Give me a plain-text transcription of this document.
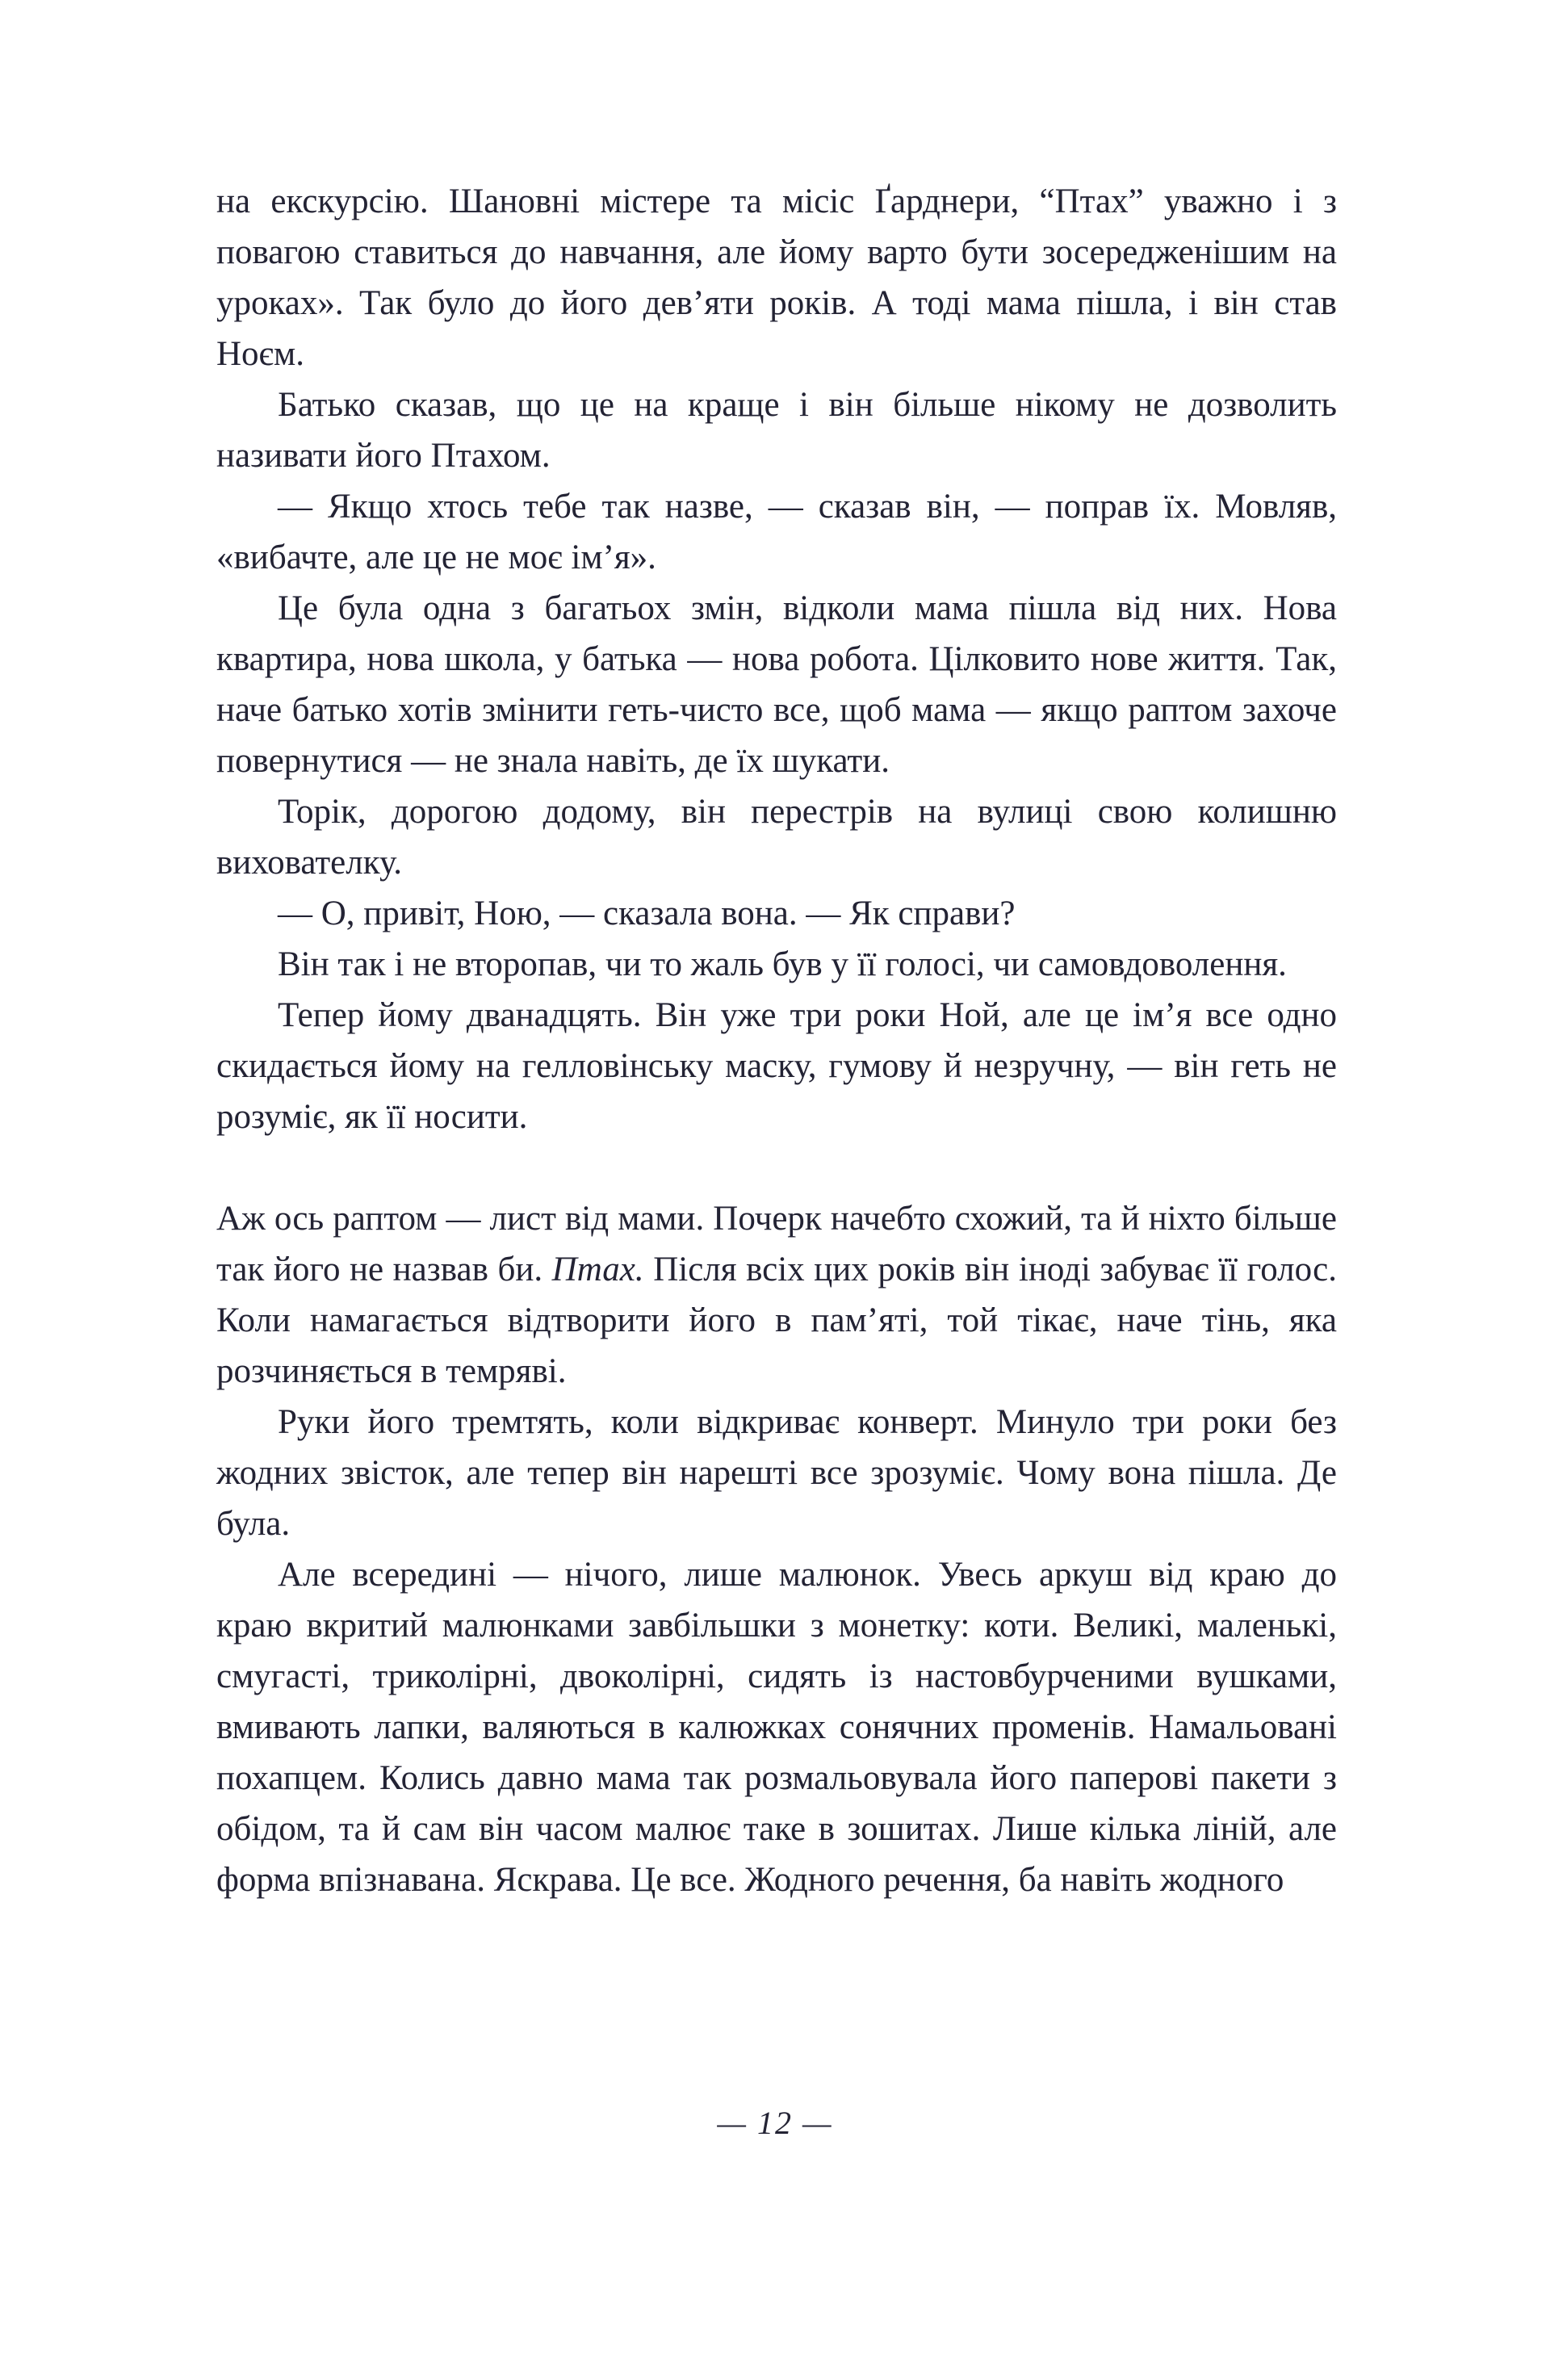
на екскурсію. Шановні містере та місіс Ґарднери, “Птах” уважно і з повагою ставиться до навчання, але йому варто бути зосередженішим на уроках». Так було до його дев’яти років. А тоді мама пішла, і він став Ноєм.

Батько сказав, що це на краще і він більше нікому не дозволить називати його Птахом.

— Якщо хтось тебе так назве, — сказав він, — поправ їх. Мовляв, «вибачте, але це не моє ім’я».

Це була одна з багатьох змін, відколи мама пішла від них. Нова квартира, нова школа, у батька — нова робота. Цілковито нове життя. Так, наче батько хотів змінити геть-чисто все, щоб мама — якщо раптом захоче повернутися — не знала навіть, де їх шукати.

Торік, дорогою додому, він перестрів на вулиці свою колишню вихователку.

— О, привіт, Ною, — сказала вона. — Як справи?

Він так і не второпав, чи то жаль був у її голосі, чи самовдоволення.

Тепер йому дванадцять. Він уже три роки Ной, але це ім’я все одно скидається йому на гелловінську маску, гумову й незручну, — він геть не розуміє, як її носити.

Аж ось раптом — лист від мами. Почерк начебто схожий, та й ніхто більше так його не назвав би. Птах. Після всіх цих років він іноді забуває її голос. Коли намагається відтворити його в пам’яті, той тікає, наче тінь, яка розчиняється в темряві.

Руки його тремтять, коли відкриває конверт. Минуло три роки без жодних звісток, але тепер він нарешті все зрозуміє. Чому вона пішла. Де була.

Але всередині — нічого, лише малюнок. Увесь аркуш від краю до краю вкритий малюнками завбільшки з монетку: коти. Великі, маленькі, смугасті, триколірні, двоколірні, сидять із настовбурченими вушками, вмивають лапки, валяються в калюжках сонячних променів. Намальовані похапцем. Колись давно мама так розмальовувала його паперові пакети з обідом, та й сам він часом малює таке в зошитах. Лише кілька ліній, але форма впізнавана. Яскрава. Це все. Жодного речення, ба навіть жодного

— 12 —
